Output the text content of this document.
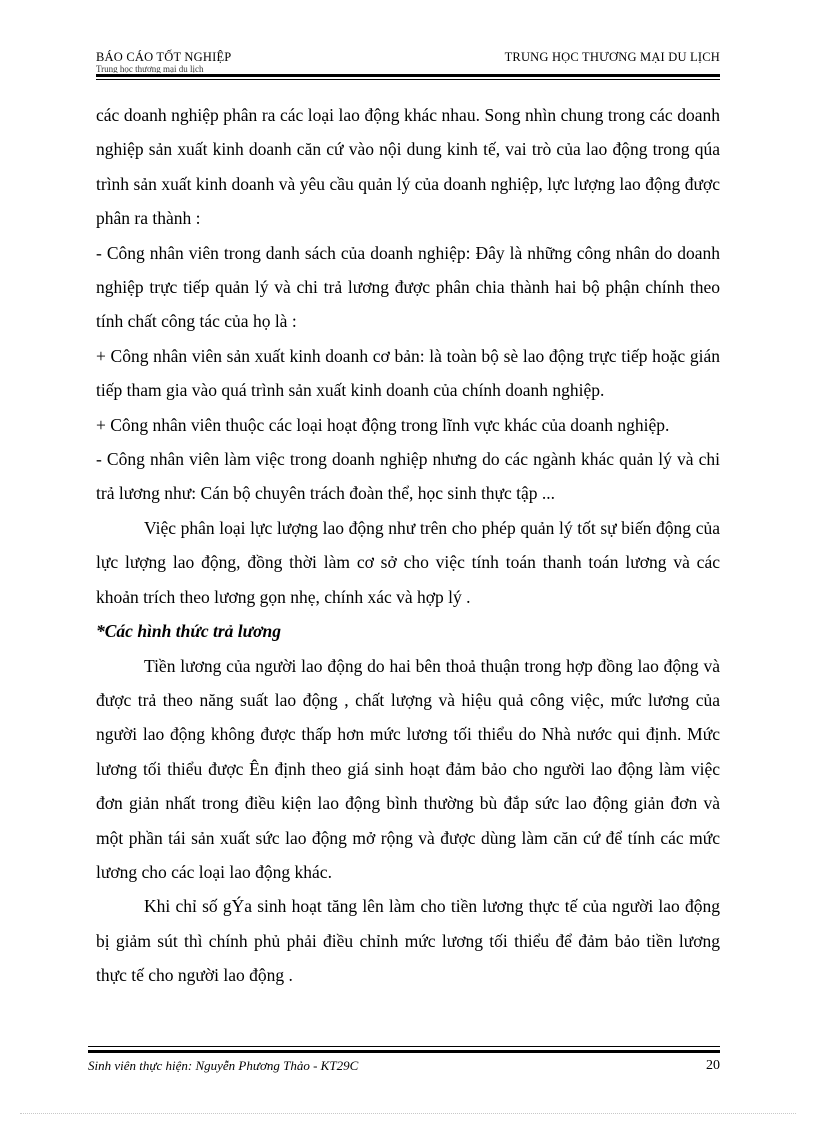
BÁO CÁO TỐT NGHIỆP
Trung học thương mại du lịch
TRUNG HỌC THƯƠNG MẠI DU LỊCH

các doanh nghiệp phân ra các loại lao động khác nhau. Song nhìn chung trong các doanh nghiệp sản xuất kinh doanh căn cứ vào nội dung kinh tế, vai trò của lao động trong qúa trình sản xuất kinh doanh và yêu cầu quản lý của doanh nghiệp, lực lượng lao động được phân ra thành :

- Công nhân viên trong danh sách của doanh nghiệp: Đây là những công nhân do doanh nghiệp trực tiếp quản lý và chi trả lương được phân chia thành hai bộ phận chính theo tính chất công tác của họ là :

+ Công nhân viên sản xuất kinh doanh cơ bản: là toàn bộ sè lao động trực tiếp hoặc gián tiếp tham gia vào quá trình sản xuất kinh doanh của chính doanh nghiệp.

+ Công nhân viên thuộc các loại hoạt động trong lĩnh vực khác của doanh nghiệp.

- Công nhân viên làm việc trong doanh nghiệp nhưng do các ngành khác quản lý và chi trả lương như: Cán bộ chuyên trách đoàn thể, học sinh thực tập ...

Việc phân loại lực lượng lao động như trên cho phép quản lý tốt sự biến động của lực lượng lao động, đồng thời làm cơ sở cho việc tính toán thanh toán lương và các khoản trích theo lương gọn nhẹ, chính xác và hợp lý .

*Các hình thức trả lương

Tiền lương của người lao động do hai bên thoả thuận trong hợp đồng lao động và được trả theo năng suất lao động , chất lượng và hiệu quả công việc, mức lương của người lao động không được thấp hơn mức lương tối thiểu do Nhà nước qui định. Mức lương tối thiểu được Ên định theo giá sinh hoạt đảm bảo cho người lao động làm việc đơn giản nhất trong điều kiện lao động bình thường bù đắp sức lao động giản đơn và một phần tái sản xuất sức lao động mở rộng và được dùng làm căn cứ để tính các mức lương cho các loại lao động khác.

Khi chỉ số gÝa sinh hoạt tăng lên làm cho tiền lương thực tế của người lao động bị giảm sút thì chính phủ phải điều chỉnh mức lương tối thiểu để đảm bảo tiền lương thực tế cho người lao động .

Sinh viên thực hiện: Nguyễn Phương Thảo - KT29C	20
